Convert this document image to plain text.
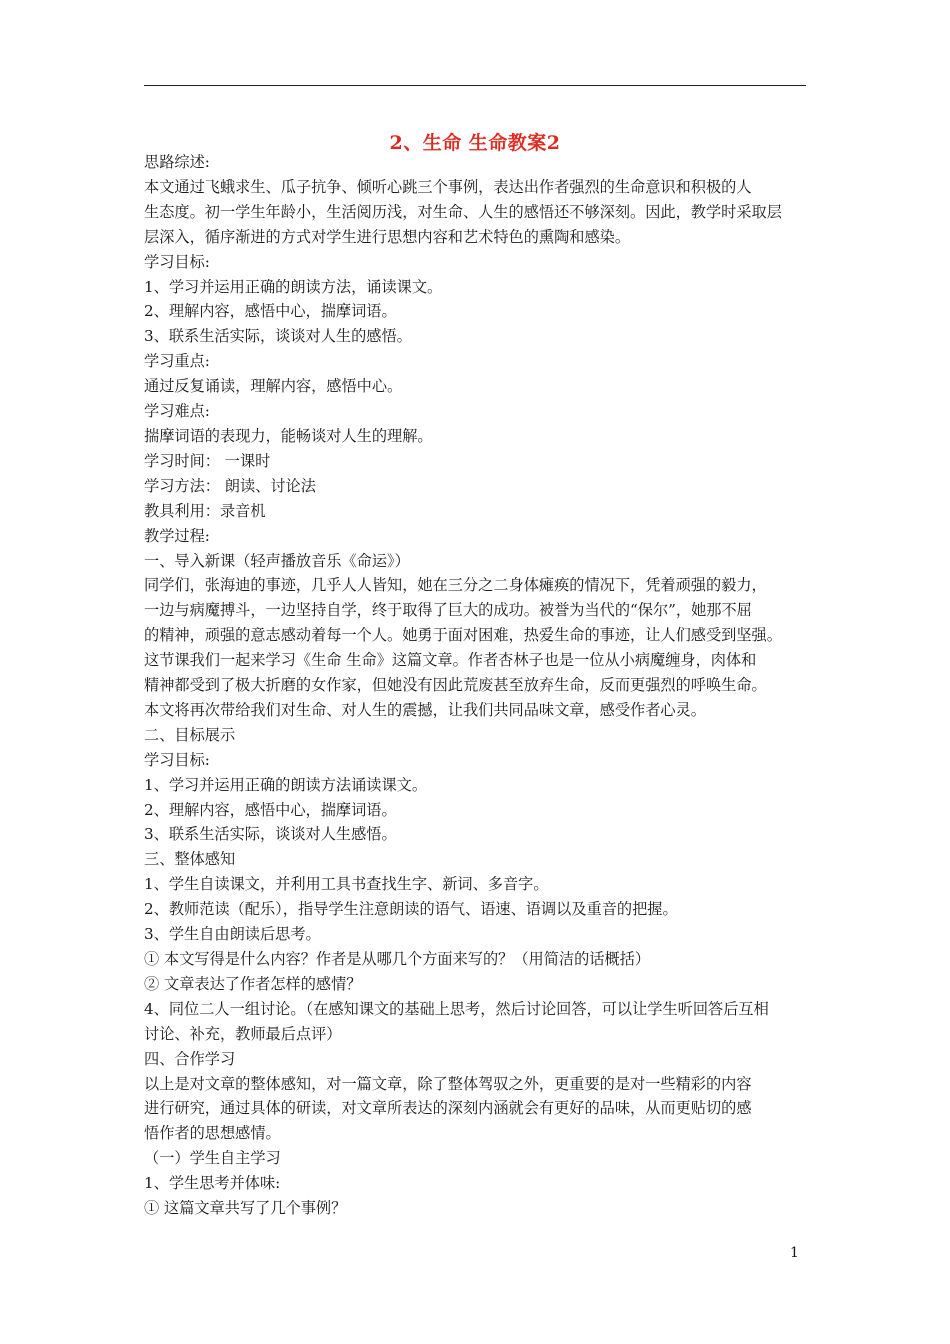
2、生命 生命教案2

思路综述:

本文通过飞蛾求生、瓜子抗争、倾听心跳三个事例，表达出作者强烈的生命意识和积极的人

生态度。初一学生年龄小，生活阅历浅，对生命、人生的感悟还不够深刻。因此，教学时采取层

层深入，循序渐进的方式对学生进行思想内容和艺术特色的熏陶和感染。

学习目标:

1、学习并运用正确的朗读方法，诵读课文。

2、理解内容，感悟中心，揣摩词语。

3、联系生活实际，谈谈对人生的感悟。

学习重点:

通过反复诵读，理解内容，感悟中心。

学习难点:

揣摩词语的表现力，能畅谈对人生的理解。

学习时间： 一课时

学习方法： 朗读、讨论法

教具利用：录音机

教学过程:

一、导入新课（轻声播放音乐《命运》）

同学们，张海迪的事迹，几乎人人皆知，她在三分之二身体瘫痪的情况下，凭着顽强的毅力，

一边与病魔搏斗，一边坚持自学，终于取得了巨大的成功。被誉为当代的“保尔”，她那不屈

的精神，顽强的意志感动着每一个人。她勇于面对困难，热爱生命的事迹，让人们感受到坚强。

这节课我们一起来学习《生命 生命》这篇文章。作者杏林子也是一位从小病魔缠身，肉体和

精神都受到了极大折磨的女作家，但她没有因此荒废甚至放弃生命，反而更强烈的呼唤生命。

本文将再次带给我们对生命、对人生的震撼，让我们共同品味文章，感受作者心灵。

二、目标展示

学习目标:

1、学习并运用正确的朗读方法诵读课文。

2、理解内容，感悟中心，揣摩词语。

3、联系生活实际，谈谈对人生感悟。

三、整体感知

1、学生自读课文，并利用工具书查找生字、新词、多音字。

2、教师范读（配乐），指导学生注意朗读的语气、语速、语调以及重音的把握。

3、学生自由朗读后思考。

① 本文写得是什么内容？作者是从哪几个方面来写的？（用简洁的话概括）

② 文章表达了作者怎样的感情？

4、同位二人一组讨论。（在感知课文的基础上思考，然后讨论回答，可以让学生听回答后互相

讨论、补充，教师最后点评）

四、合作学习

以上是对文章的整体感知，对一篇文章，除了整体驾驭之外，更重要的是对一些精彩的内容

进行研究，通过具体的研读，对文章所表达的深刻内涵就会有更好的品味，从而更贴切的感

悟作者的思想感情。

（一）学生自主学习

1、学生思考并体味:

① 这篇文章共写了几个事例？

1
